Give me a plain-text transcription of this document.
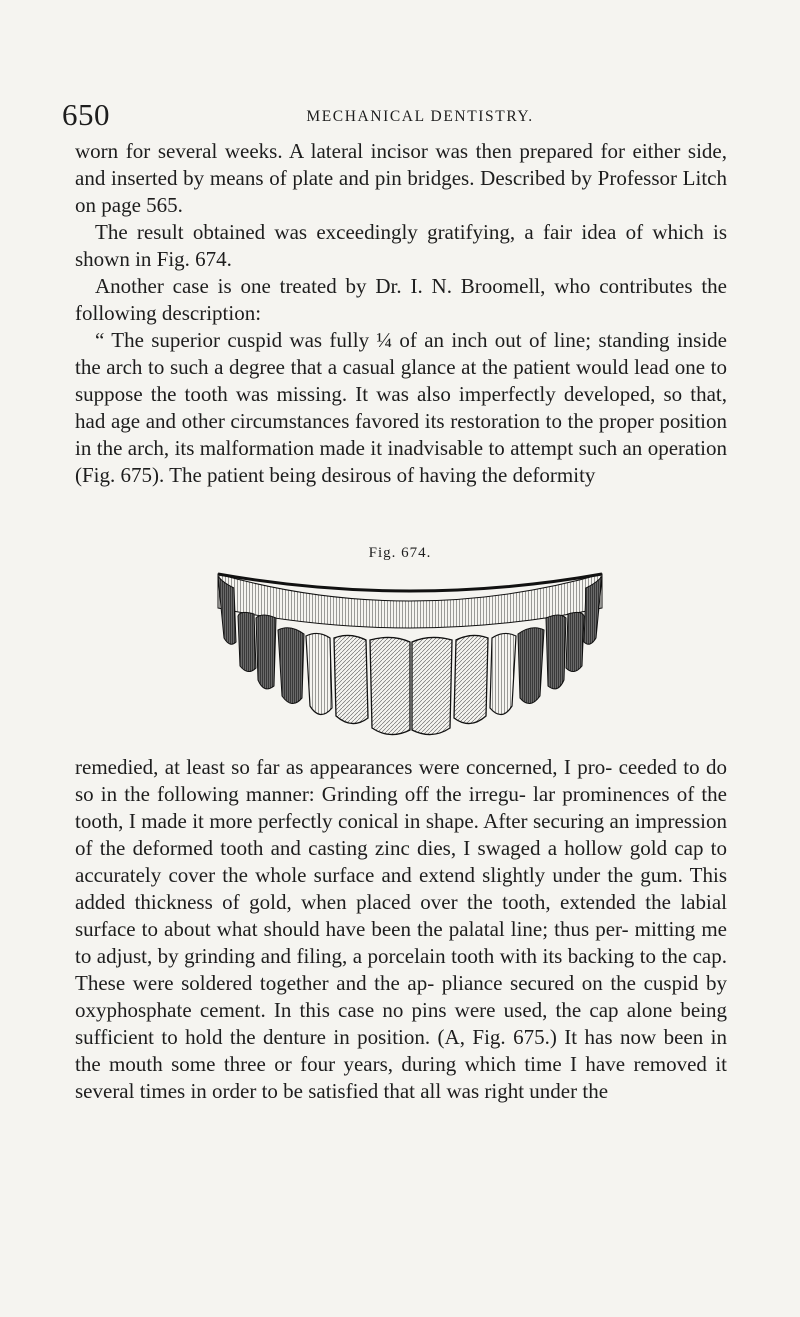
650	MECHANICAL DENTISTRY.

worn for several weeks. A lateral incisor was then prepared for either side, and inserted by means of plate and pin bridges. Described by Professor Litch on page 565.

The result obtained was exceedingly gratifying, a fair idea of which is shown in Fig. 674.

Another case is one treated by Dr. I. N. Broomell, who contributes the following description:

“ The superior cuspid was fully ¼ of an inch out of line; standing inside the arch to such a degree that a casual glance at the patient would lead one to suppose the tooth was missing. It was also imperfectly developed, so that, had age and other circumstances favored its restoration to the proper position in the arch, its malformation made it inadvisable to attempt such an operation (Fig. 675). The patient being desirous of having the deformity

Fig. 674.

remedied, at least so far as appearances were concerned, I pro- ceeded to do so in the following manner: Grinding off the irregu- lar prominences of the tooth, I made it more perfectly conical in shape. After securing an impression of the deformed tooth and casting zinc dies, I swaged a hollow gold cap to accurately cover the whole surface and extend slightly under the gum. This added thickness of gold, when placed over the tooth, extended the labial surface to about what should have been the palatal line; thus per- mitting me to adjust, by grinding and filing, a porcelain tooth with its backing to the cap. These were soldered together and the ap- pliance secured on the cuspid by oxyphosphate cement. In this case no pins were used, the cap alone being sufficient to hold the denture in position. (A, Fig. 675.) It has now been in the mouth some three or four years, during which time I have removed it several times in order to be satisfied that all was right under the
